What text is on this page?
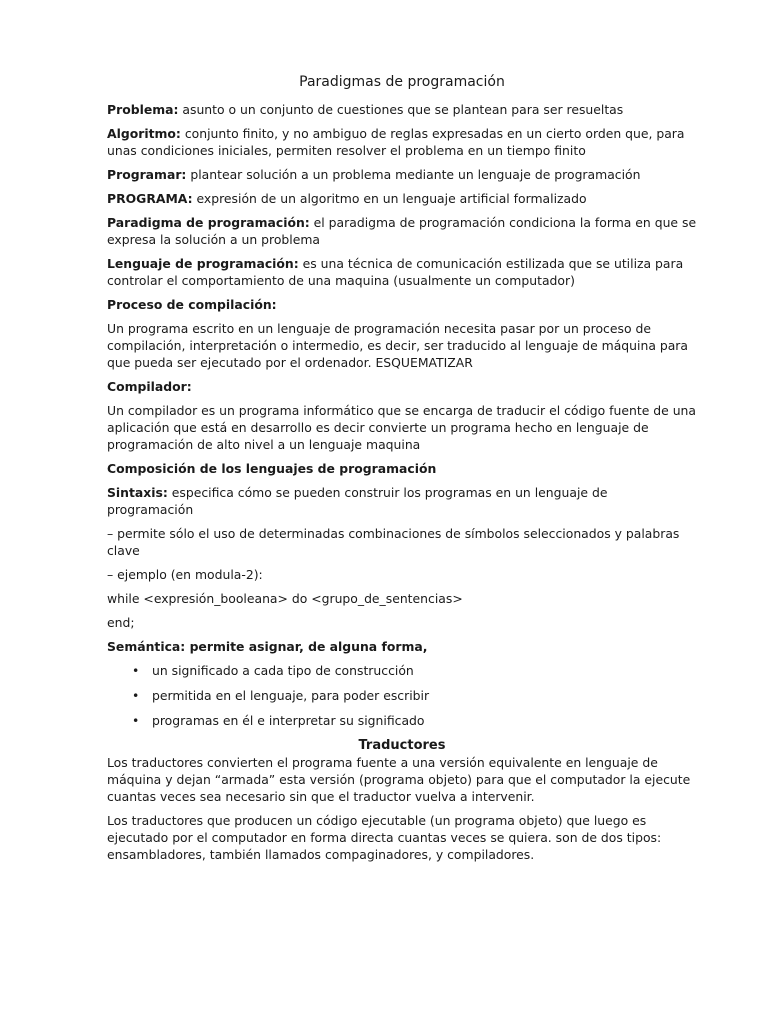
Paradigmas de programación

Problema: asunto o un conjunto de cuestiones que se plantean para ser resueltas

Algoritmo: conjunto finito, y no ambiguo de reglas expresadas en un cierto orden que, para unas condiciones iniciales, permiten resolver el problema en un tiempo finito

Programar: plantear solución a un problema mediante un lenguaje de programación

PROGRAMA: expresión de un algoritmo en un lenguaje artificial formalizado

Paradigma de programación: el paradigma de programación condiciona la forma en que se expresa la solución a un problema

Lenguaje de programación: es una técnica de comunicación estilizada que se utiliza para controlar el comportamiento de una maquina (usualmente un computador)

Proceso de compilación:

Un programa escrito en un lenguaje de programación necesita pasar por un proceso de compilación, interpretación o intermedio, es decir, ser traducido al lenguaje de máquina para que pueda ser ejecutado por el ordenador. ESQUEMATIZAR

Compilador:

Un compilador es un programa informático que se encarga de traducir el código fuente de una aplicación que está en desarrollo es decir convierte un programa hecho en lenguaje de programación de alto nivel a un lenguaje maquina

Composición de los lenguajes de programación

Sintaxis: especifica cómo se pueden construir los programas en un lenguaje de programación

– permite sólo el uso de determinadas combinaciones de símbolos seleccionados y palabras clave

– ejemplo (en modula-2):

while <expresión_booleana> do <grupo_de_sentencias>

end;

Semántica: permite asignar, de alguna forma,

• un significado a cada tipo de construcción
• permitida en el lenguaje, para poder escribir
• programas en él e interpretar su significado
Traductores

Los traductores convierten el programa fuente a una versión equivalente en lenguaje de máquina y dejan “armada” esta versión (programa objeto) para que el computador la ejecute cuantas veces sea necesario sin que el traductor vuelva a intervenir.

Los traductores que producen un código ejecutable (un programa objeto) que luego es ejecutado por el computador en forma directa cuantas veces se quiera. son de dos tipos: ensambladores, también llamados compaginadores, y compiladores.
